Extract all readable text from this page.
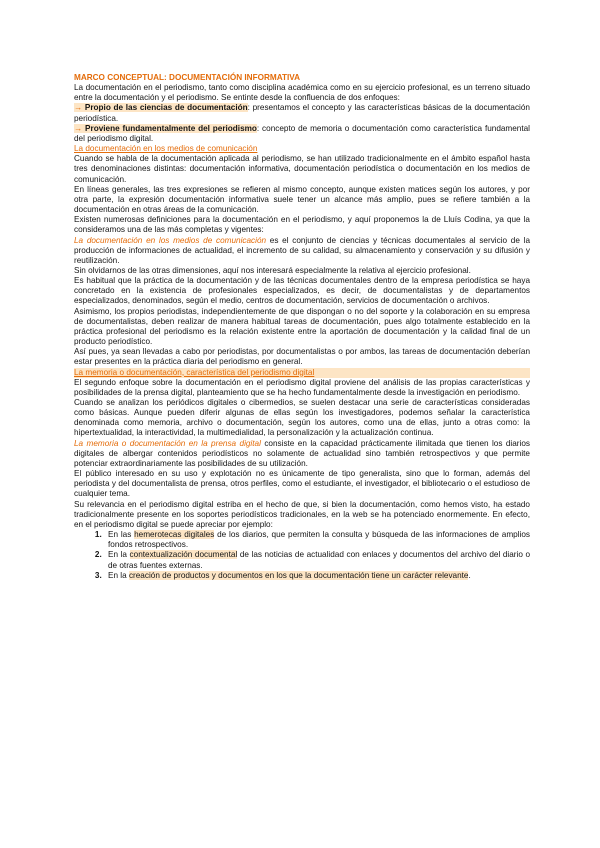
MARCO CONCEPTUAL: DOCUMENTACIÓN INFORMATIVA

La documentación en el periodismo, tanto como disciplina académica como en su ejercicio profesional, es un terreno situado entre la documentación y el periodismo. Se entinte desde la confluencia de dos enfoques:

→ Propio de las ciencias de documentación: presentamos el concepto y las características básicas de la documentación periodística.

→ Proviene fundamentalmente del periodismo: concepto de memoria o documentación como característica fundamental del periodismo digital.

La documentación en los medios de comunicación

Cuando se habla de la documentación aplicada al periodismo, se han utilizado tradicionalmente en el ámbito español hasta tres denominaciones distintas: documentación informativa, documentación periodística o documentación en los medios de comunicación.

En líneas generales, las tres expresiones se refieren al mismo concepto, aunque existen matices según los autores, y por otra parte, la expresión documentación informativa suele tener un alcance más amplio, pues se refiere también a la documentación en otras áreas de la comunicación.

Existen numerosas definiciones para la documentación en el periodismo, y aquí proponemos la de Lluís Codina, ya que la consideramos una de las más completas y vigentes:

La documentación en los medios de comunicación es el conjunto de ciencias y técnicas documentales al servicio de la producción de informaciones de actualidad, el incremento de su calidad, su almacenamiento y conservación y su difusión y reutilización.

Sin olvidarnos de las otras dimensiones, aquí nos interesará especialmente la relativa al ejercicio profesional.

Es habitual que la práctica de la documentación y de las técnicas documentales dentro de la empresa periodística se haya concretado en la existencia de profesionales especializados, es decir, de documentalistas y de departamentos especializados, denominados, según el medio, centros de documentación, servicios de documentación o archivos.

Asimismo, los propios periodistas, independientemente de que dispongan o no del soporte y la colaboración en su empresa de documentalistas, deben realizar de manera habitual tareas de documentación, pues algo totalmente establecido en la práctica profesional del periodismo es la relación existente entre la aportación de documentación y la calidad final de un producto periodístico.

Así pues, ya sean llevadas a cabo por periodistas, por documentalistas o por ambos, las tareas de documentación deberían estar presentes en la práctica diaria del periodismo en general.

La memoria o documentación, característica del periodismo digital

El segundo enfoque sobre la documentación en el periodismo digital proviene del análisis de las propias características y posibilidades de la prensa digital, planteamiento que se ha hecho fundamentalmente desde la investigación en periodismo.

Cuando se analizan los periódicos digitales o cibermedios, se suelen destacar una serie de características consideradas como básicas. Aunque pueden diferir algunas de ellas según los investigadores, podemos señalar la característica denominada como memoria, archivo o documentación, según los autores, como una de ellas, junto a otras como: la hipertextualidad, la interactividad, la multimedialidad, la personalización y la actualización continua.

La memoria o documentación en la prensa digital consiste en la capacidad prácticamente ilimitada que tienen los diarios digitales de albergar contenidos periodísticos no solamente de actualidad sino también retrospectivos y que permite potenciar extraordinariamente las posibilidades de su utilización.

El público interesado en su uso y explotación no es únicamente de tipo generalista, sino que lo forman, además del periodista y del documentalista de prensa, otros perfiles, como el estudiante, el investigador, el bibliotecario o el estudioso de cualquier tema.

Su relevancia en el periodismo digital estriba en el hecho de que, si bien la documentación, como hemos visto, ha estado tradicionalmente presente en los soportes periodísticos tradicionales, en la web se ha potenciado enormemente. En efecto, en el periodismo digital se puede apreciar por ejemplo:

1. En las hemerotecas digitales de los diarios, que permiten la consulta y búsqueda de las informaciones de amplios fondos retrospectivos.
2. En la contextualización documental de las noticias de actualidad con enlaces y documentos del archivo del diario o de otras fuentes externas.
3. En la creación de productos y documentos en los que la documentación tiene un carácter relevante.
